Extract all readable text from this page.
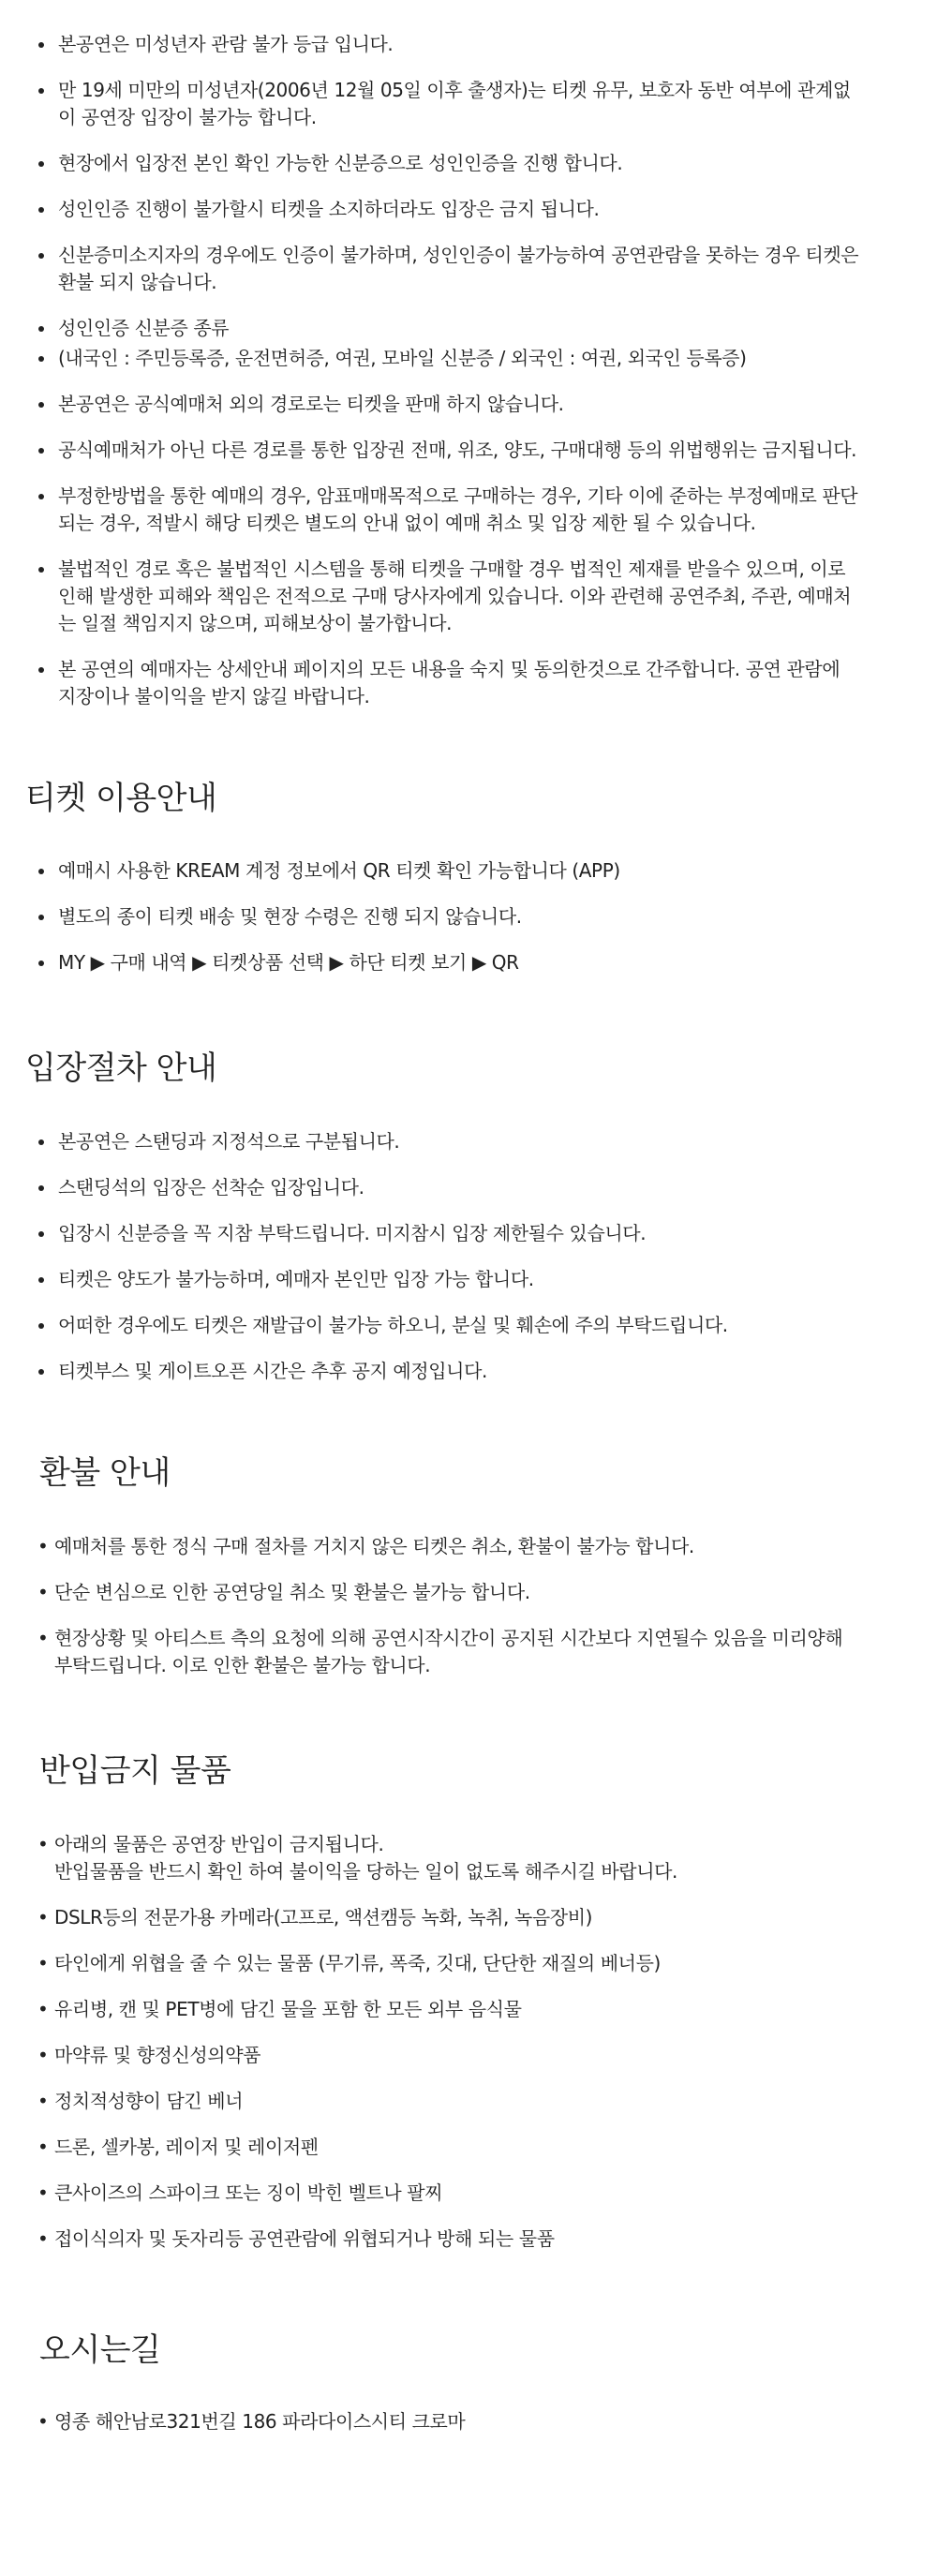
본공연은 미성년자 관람 불가 등급 입니다.
만 19세 미만의 미성년자(2006년 12월 05일 이후 출생자)는 티켓 유무, 보호자 동반 여부에 관계없
이 공연장 입장이 불가능 합니다.
현장에서 입장전 본인 확인 가능한 신분증으로 성인인증을 진행 합니다.
성인인증 진행이 불가할시 티켓을 소지하더라도 입장은 금지 됩니다.
신분증미소지자의 경우에도 인증이 불가하며, 성인인증이 불가능하여 공연관람을 못하는 경우 티켓은
환불 되지 않습니다.
성인인증 신분증 종류
(내국인 : 주민등록증, 운전면허증, 여권, 모바일 신분증 / 외국인 : 여권, 외국인 등록증)
본공연은 공식예매처 외의 경로로는 티켓을 판매 하지 않습니다.
공식예매처가 아닌 다른 경로를 통한 입장권 전매, 위조, 양도, 구매대행 등의 위법행위는 금지됩니다.
부정한방법을 통한 예매의 경우, 암표매매목적으로 구매하는 경우, 기타 이에 준하는 부정예매로 판단
되는 경우, 적발시 해당 티켓은 별도의 안내 없이 예매 취소 및 입장 제한 될 수 있습니다.
불법적인 경로 혹은 불법적인 시스템을 통해 티켓을 구매할 경우 법적인 제재를 받을수 있으며, 이로
인해 발생한 피해와 책임은 전적으로 구매 당사자에게 있습니다. 이와 관련해 공연주최, 주관, 예매처
는 일절 책임지지 않으며, 피해보상이 불가합니다.
본 공연의 예매자는 상세안내 페이지의 모든 내용을 숙지 및 동의한것으로 간주합니다. 공연 관람에
지장이나 불이익을 받지 않길 바랍니다.
티켓 이용안내
예매시 사용한 KREAM 계정 정보에서 QR 티켓 확인 가능합니다 (APP)
별도의 종이 티켓 배송 및 현장 수령은 진행 되지 않습니다.
MY ▶ 구매 내역 ▶ 티켓상품 선택 ▶ 하단 티켓 보기 ▶ QR
입장절차 안내
본공연은 스탠딩과 지정석으로 구분됩니다.
스탠딩석의 입장은 선착순 입장입니다.
입장시 신분증을 꼭 지참 부탁드립니다. 미지참시 입장 제한될수 있습니다.
티켓은 양도가 불가능하며, 예매자 본인만 입장 가능 합니다.
어떠한 경우에도 티켓은 재발급이 불가능 하오니, 분실 및 훼손에 주의 부탁드립니다.
티켓부스 및 게이트오픈 시간은 추후 공지 예정입니다.
환불 안내
• 예매처를 통한 정식 구매 절차를 거치지 않은 티켓은 취소, 환불이 불가능 합니다.
• 단순 변심으로 인한 공연당일 취소 및 환불은 불가능 합니다.
• 현장상황 및 아티스트 측의 요청에 의해 공연시작시간이 공지된 시간보다 지연될수 있음을 미리양해
부탁드립니다. 이로 인한 환불은 불가능 합니다.
반입금지 물품
• 아래의 물품은 공연장 반입이 금지됩니다.
반입물품을 반드시 확인 하여 불이익을 당하는 일이 없도록 해주시길 바랍니다.
• DSLR등의 전문가용 카메라(고프로, 액션캠등 녹화, 녹취, 녹음장비)
• 타인에게 위협을 줄 수 있는 물품 (무기류, 폭죽, 깃대, 단단한 재질의 베너등)
• 유리병, 캔 및 PET병에 담긴 물을 포함 한 모든 외부 음식물
• 마약류 및 향정신성의약품
• 정치적성향이 담긴 베너
• 드론, 셀카봉, 레이저 및 레이저펜
• 큰사이즈의 스파이크 또는 징이 박힌 벨트나 팔찌
• 접이식의자 및 돗자리등 공연관람에 위협되거나 방해 되는 물품
오시는길
• 영종 해안남로321번길 186 파라다이스시티 크로마
